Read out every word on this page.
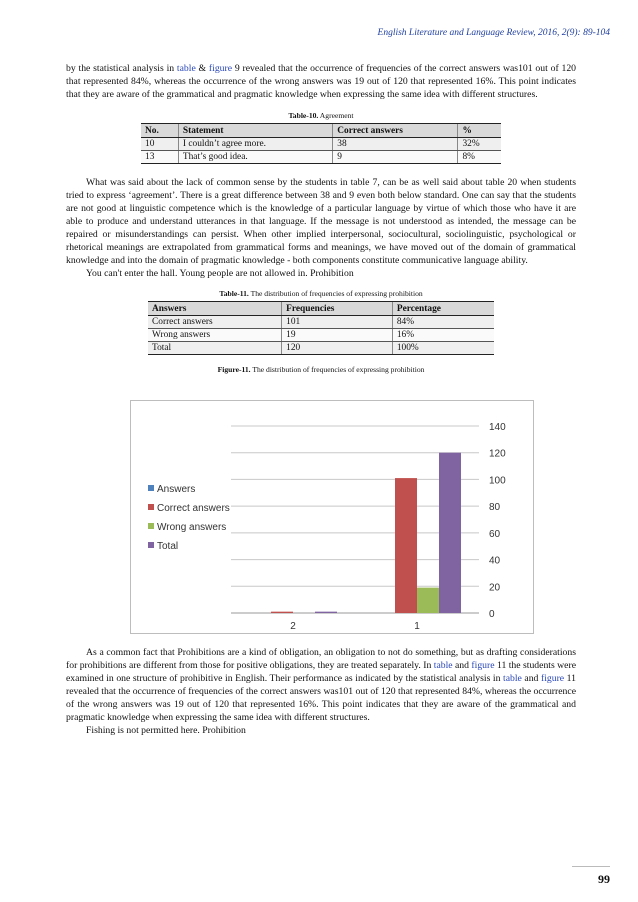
English Literature and Language Review, 2016, 2(9): 89-104

by the statistical analysis in table & figure 9 revealed that the occurrence of frequencies of the correct answers was101 out of 120 that represented 84%, whereas the occurrence of the wrong answers was 19 out of 120 that represented 16%. This point indicates that they are aware of the grammatical and pragmatic knowledge when expressing the same idea with different structures.

Table-10. Agreement
No.	Statement	Correct answers	%
10	I couldn’t agree more.	38	32%
13	That’s good idea.	9	8%

What was said about the lack of common sense by the students in table 7, can be as well said about table 20 when students tried to express ‘agreement’. There is a great difference between 38 and 9 even both below standard. One can say that the students are not good at linguistic competence which is the knowledge of a particular language by virtue of which those who have it are able to produce and understand utterances in that language. If the message is not understood as intended, the message can be repaired or misunderstandings can persist. When other implied interpersonal, sociocultural, sociolinguistic, psychological or rhetorical meanings are extrapolated from grammatical forms and meanings, we have moved out of the domain of grammatical knowledge and into the domain of pragmatic knowledge - both components constitute communicative language ability.

You can't enter the hall. Young people are not allowed in. Prohibition

Table-11. The distribution of frequencies of expressing prohibition
Answers	Frequencies	Percentage
Correct answers	101	84%
Wrong answers	19	16%
Total	120	100%
Figure-11. The distribution of frequencies of expressing prohibition
0
20
40
60
80
100
120
140
2	1
Answers
Correct answers
Wrong answers
Total

As a common fact that Prohibitions are a kind of obligation, an obligation to not do something, but as drafting considerations for prohibitions are different from those for positive obligations, they are treated separately. In table and figure 11 the students were examined in one structure of prohibitive in English. Their performance as indicated by the statistical analysis in table and figure 11 revealed that the occurrence of frequencies of the correct answers was101 out of 120 that represented 84%, whereas the occurrence of the wrong answers was 19 out of 120 that represented 16%. This point indicates that they are aware of the grammatical and pragmatic knowledge when expressing the same idea with different structures.

Fishing is not permitted here. Prohibition

99
